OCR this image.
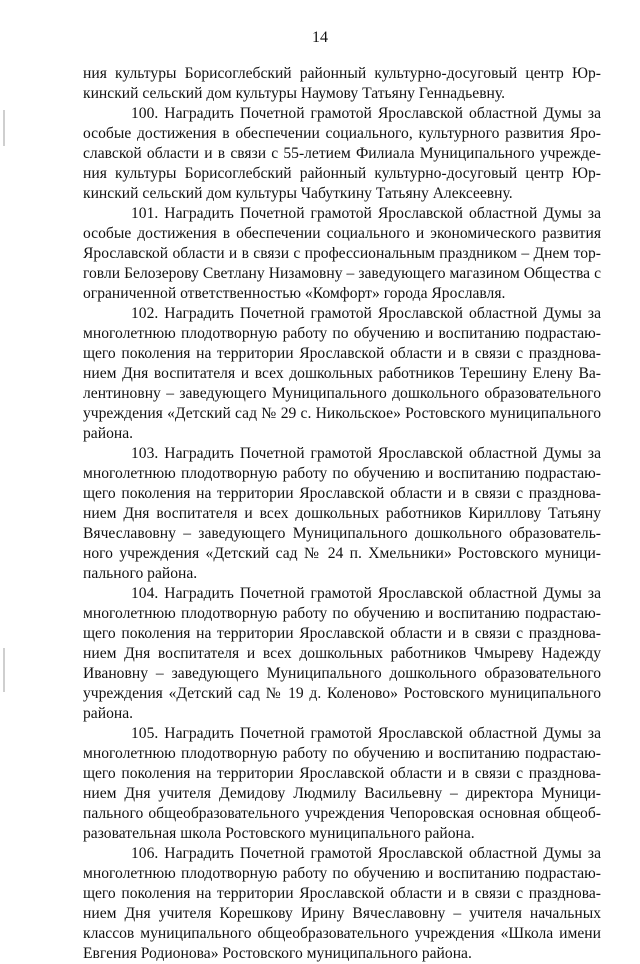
14
ния культуры Борисоглебский районный культурно-досуговый центр Юр-
кинский сельский дом культуры Наумову Татьяну Геннадьевну.
100. Наградить Почетной грамотой Ярославской областной Думы за
особые достижения в обеспечении социального, культурного развития Яро-
славской области и в связи с 55-летием Филиала Муниципального учрежде-
ния культуры Борисоглебский районный культурно-досуговый центр Юр-
кинский сельский дом культуры Чабуткину Татьяну Алексеевну.
101. Наградить Почетной грамотой Ярославской областной Думы за
особые достижения в обеспечении социального и экономического развития
Ярославской области и в связи с профессиональным праздником – Днем тор-
говли Белозерову Светлану Низамовну – заведующего магазином Общества с
ограниченной ответственностью «Комфорт» города Ярославля.
102. Наградить Почетной грамотой Ярославской областной Думы за
многолетнюю плодотворную работу по обучению и воспитанию подрастаю-
щего поколения на территории Ярославской области и в связи с празднова-
нием Дня воспитателя и всех дошкольных работников Терешину Елену Ва-
лентиновну – заведующего Муниципального дошкольного образовательного
учреждения «Детский сад № 29 с. Никольское» Ростовского муниципального
района.
103. Наградить Почетной грамотой Ярославской областной Думы за
многолетнюю плодотворную работу по обучению и воспитанию подрастаю-
щего поколения на территории Ярославской области и в связи с празднова-
нием Дня воспитателя и всех дошкольных работников Кириллову Татьяну
Вячеславовну – заведующего Муниципального дошкольного образователь-
ного учреждения «Детский сад № 24 п. Хмельники» Ростовского муници-
пального района.
104. Наградить Почетной грамотой Ярославской областной Думы за
многолетнюю плодотворную работу по обучению и воспитанию подрастаю-
щего поколения на территории Ярославской области и в связи с празднова-
нием Дня воспитателя и всех дошкольных работников Чмыреву Надежду
Ивановну – заведующего Муниципального дошкольного образовательного
учреждения «Детский сад № 19 д. Коленово» Ростовского муниципального
района.
105. Наградить Почетной грамотой Ярославской областной Думы за
многолетнюю плодотворную работу по обучению и воспитанию подрастаю-
щего поколения на территории Ярославской области и в связи с празднова-
нием Дня учителя Демидову Людмилу Васильевну – директора Муници-
пального общеобразовательного учреждения Чепоровская основная общеоб-
разовательная школа Ростовского муниципального района.
106. Наградить Почетной грамотой Ярославской областной Думы за
многолетнюю плодотворную работу по обучению и воспитанию подрастаю-
щего поколения на территории Ярославской области и в связи с празднова-
нием Дня учителя Корешкову Ирину Вячеславовну – учителя начальных
классов муниципального общеобразовательного учреждения «Школа имени
Евгения Родионова» Ростовского муниципального района.
